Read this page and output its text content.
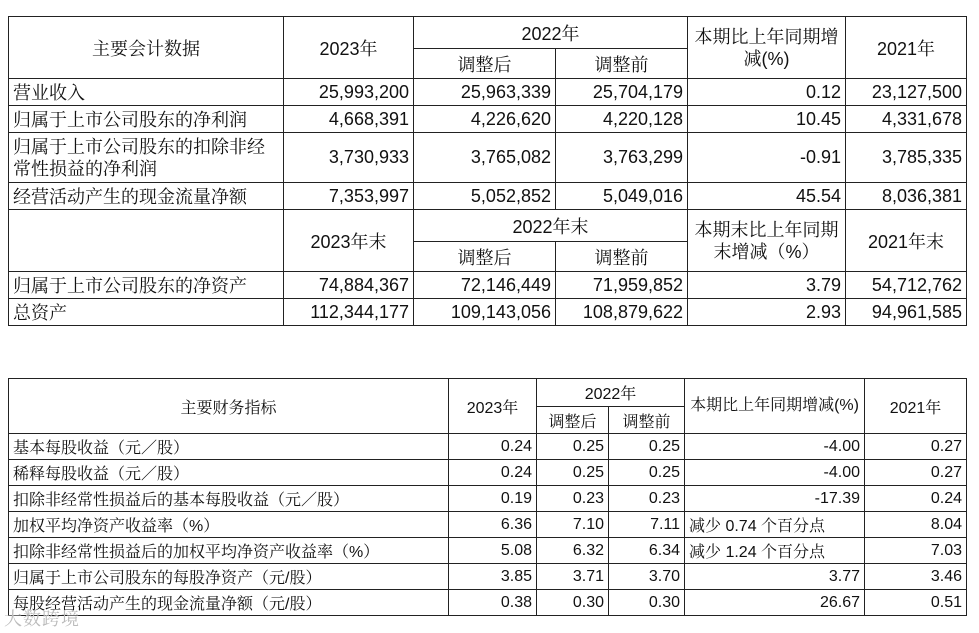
主要会计数据	2023年	2022年		本期比上年同期增减(%)	2021年
		调整后	调整前		
营业收入	25,993,200	25,963,339	25,704,179	0.12	23,127,500
归属于上市公司股东的净利润	4,668,391	4,226,620	4,220,128	10.45	4,331,678
归属于上市公司股东的扣除非经常性损益的净利润	3,730,933	3,765,082	3,763,299	-0.91	3,785,335
经营活动产生的现金流量净额	7,353,997	5,052,852	5,049,016	45.54	8,036,381
	2023年末	2022年末		本期末比上年同期末增减（%）	2021年末
		调整后	调整前		
归属于上市公司股东的净资产	74,884,367	72,146,449	71,959,852	3.79	54,712,762
总资产	112,344,177	109,143,056	108,879,622	2.93	94,961,585
主要财务指标	2023年	2022年		本期比上年同期增减(%)	2021年
		调整后	调整前		
基本每股收益（元／股）	0.24	0.25	0.25	-4.00	0.27
稀释每股收益（元／股）	0.24	0.25	0.25	-4.00	0.27
扣除非经常性损益后的基本每股收益（元／股）	0.19	0.23	0.23	-17.39	0.24
加权平均净资产收益率（%）	6.36	7.10	7.11	减少 0.74 个百分点	8.04
扣除非经常性损益后的加权平均净资产收益率（%）	5.08	6.32	6.34	减少 1.24 个百分点	7.03
归属于上市公司股东的每股净资产（元/股）	3.85	3.71	3.70	3.77	3.46
每股经营活动产生的现金流量净额（元/股）	0.38	0.30	0.30	26.67	0.51
大数跨境
